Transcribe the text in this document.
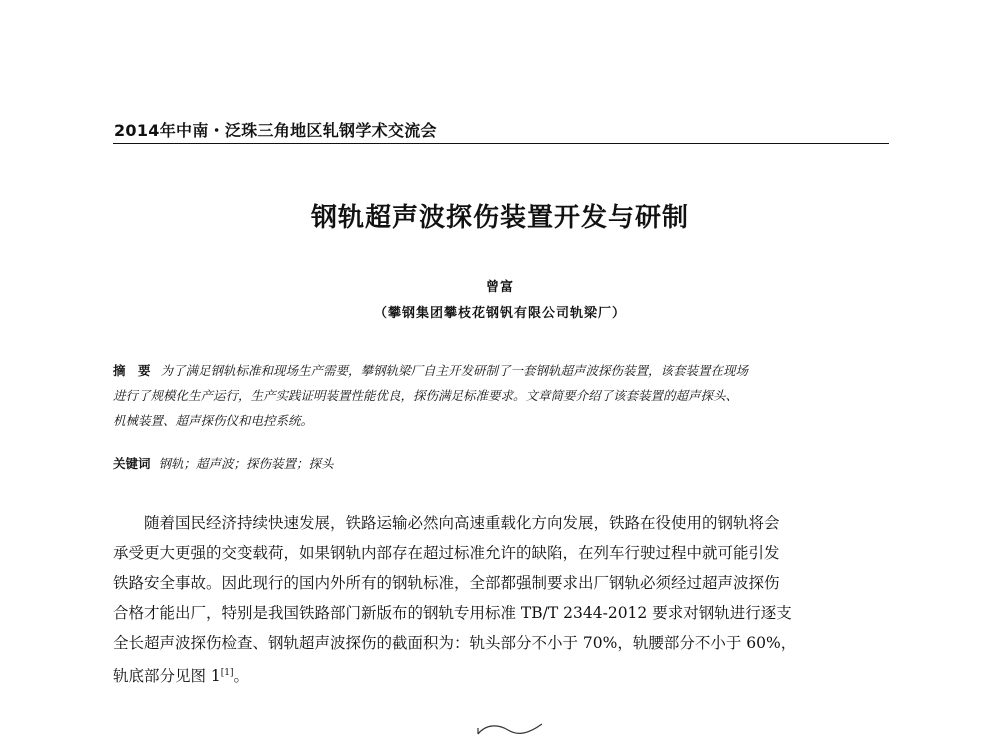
2014年中南・泛珠三角地区轧钢学术交流会
钢轨超声波探伤装置开发与研制
曾富
（攀钢集团攀枝花钢钒有限公司轨梁厂）
摘　要 为了满足钢轨标准和现场生产需要，攀钢轨梁厂自主开发研制了一套钢轨超声波探伤装置，该套装置在现场
进行了规模化生产运行，生产实践证明装置性能优良，探伤满足标准要求。文章简要介绍了该套装置的超声探头、
机械装置、超声探伤仪和电控系统。
关键词 钢轨；超声波；探伤装置；探头
随着国民经济持续快速发展，铁路运输必然向高速重载化方向发展，铁路在役使用的钢轨将会
承受更大更强的交变载荷，如果钢轨内部存在超过标准允许的缺陷，在列车行驶过程中就可能引发
铁路安全事故。因此现行的国内外所有的钢轨标准，全部都强制要求出厂钢轨必须经过超声波探伤
合格才能出厂，特别是我国铁路部门新版布的钢轨专用标准 TB/T 2344-2012 要求对钢轨进行逐支
全长超声波探伤检查、钢轨超声波探伤的截面积为：轨头部分不小于 70%，轨腰部分不小于 60%，
轨底部分见图 1[1]。
